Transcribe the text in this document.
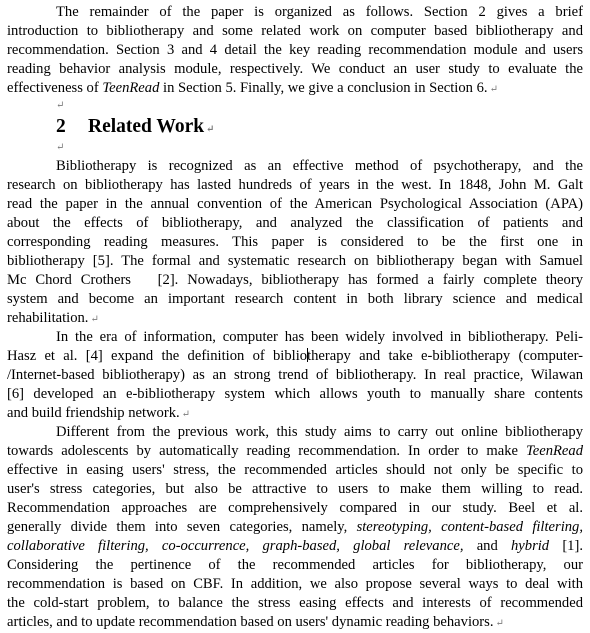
The remainder of the paper is organized as follows. Section 2 gives a brief
introduction to bibliotherapy and some related work on computer based bibliotherapy and
recommendation. Section 3 and 4 detail the key reading recommendation module and users
reading behavior analysis module, respectively. We conduct an user study to evaluate the
effectiveness of TeenRead in Section 5. Finally, we give a conclusion in Section 6. ↵
↵
2 Related Work ↵
↵
Bibliotherapy is recognized as an effective method of psychotherapy, and the
research on bibliotherapy has lasted hundreds of years in the west. In 1848, John M. Galt
read the paper in the annual convention of the American Psychological Association (APA)
about the effects of bibliotherapy, and analyzed the classification of patients and
corresponding reading measures. This paper is considered to be the first one in
bibliotherapy [5]. The formal and systematic research on bibliotherapy began with Samuel
Mc Chord Crothers   [2]. Nowadays, bibliotherapy has formed a fairly complete theory
system and become an important research content in both library science and medical
rehabilitation. ↵
In the era of information, computer has been widely involved in bibliotherapy. Peli-
Hasz et al. [4] expand the definition of bibliotherapy and take e-bibliotherapy (computer-
/Internet-based bibliotherapy) as an strong trend of bibliotherapy. In real practice, Wilawan
[6] developed an e-bibliotherapy system which allows youth to manually share contents
and build friendship network. ↵
Different from the previous work, this study aims to carry out online bibliotherapy
towards adolescents by automatically reading recommendation. In order to make TeenRead
effective in easing users' stress, the recommended articles should not only be specific to
user's stress categories, but also be attractive to users to make them willing to read.
Recommendation approaches are comprehensively compared in our study. Beel et al.
generally divide them into seven categories, namely, stereotyping, content-based filtering,
collaborative filtering, co-occurrence, graph-based, global relevance, and hybrid [1].
Considering the pertinence of the recommended articles for bibliotherapy, our
recommendation is based on CBF. In addition, we also propose several ways to deal with
the cold-start problem, to balance the stress easing effects and interests of recommended
articles, and to update recommendation based on users' dynamic reading behaviors. ↵
